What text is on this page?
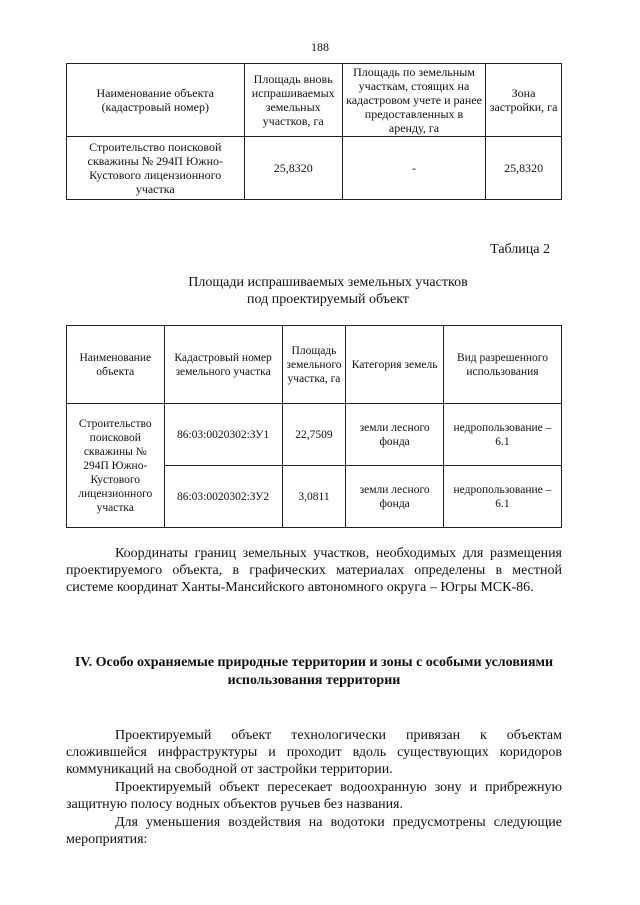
188
Наименование объекта (кадастровый номер)	Площадь вновь испрашиваемых земельных участков, га	Площадь по земельным участкам, стоящих на кадастровом учете и ранее предоставленных в аренду, га	Зона застройки, га
Строительство поисковой скважины № 294П Южно-Кустового лицензионного участка	25,8320	-	25,8320
Таблица 2
Площади испрашиваемых земельных участков
под проектируемый объект
Наименование объекта	Кадастровый номер земельного участка	Площадь земельного участка, га	Категория земель	Вид разрешенного использования
Строительство поисковой скважины № 294П Южно-Кустового лицензионного участка	86:03:0020302:ЗУ1	22,7509	земли лесного фонда	недропользование – 6.1
	86:03:0020302:ЗУ2	3,0811	земли лесного фонда	недропользование – 6.1

Координаты границ земельных участков, необходимых для размещения проектируемого объекта, в графических материалах определены в местной системе координат Ханты-Мансийского автономного округа – Югры МСК-86.

IV. Особо охраняемые природные территории и зоны с особыми условиями использования территории

Проектируемый объект технологически привязан к объектам сложившейся инфраструктуры и проходит вдоль существующих коридоров коммуникаций на свободной от застройки территории.

Проектируемый объект пересекает водоохранную зону и прибрежную защитную полосу водных объектов ручьев без названия.

Для уменьшения воздействия на водотоки предусмотрены следующие мероприятия:
